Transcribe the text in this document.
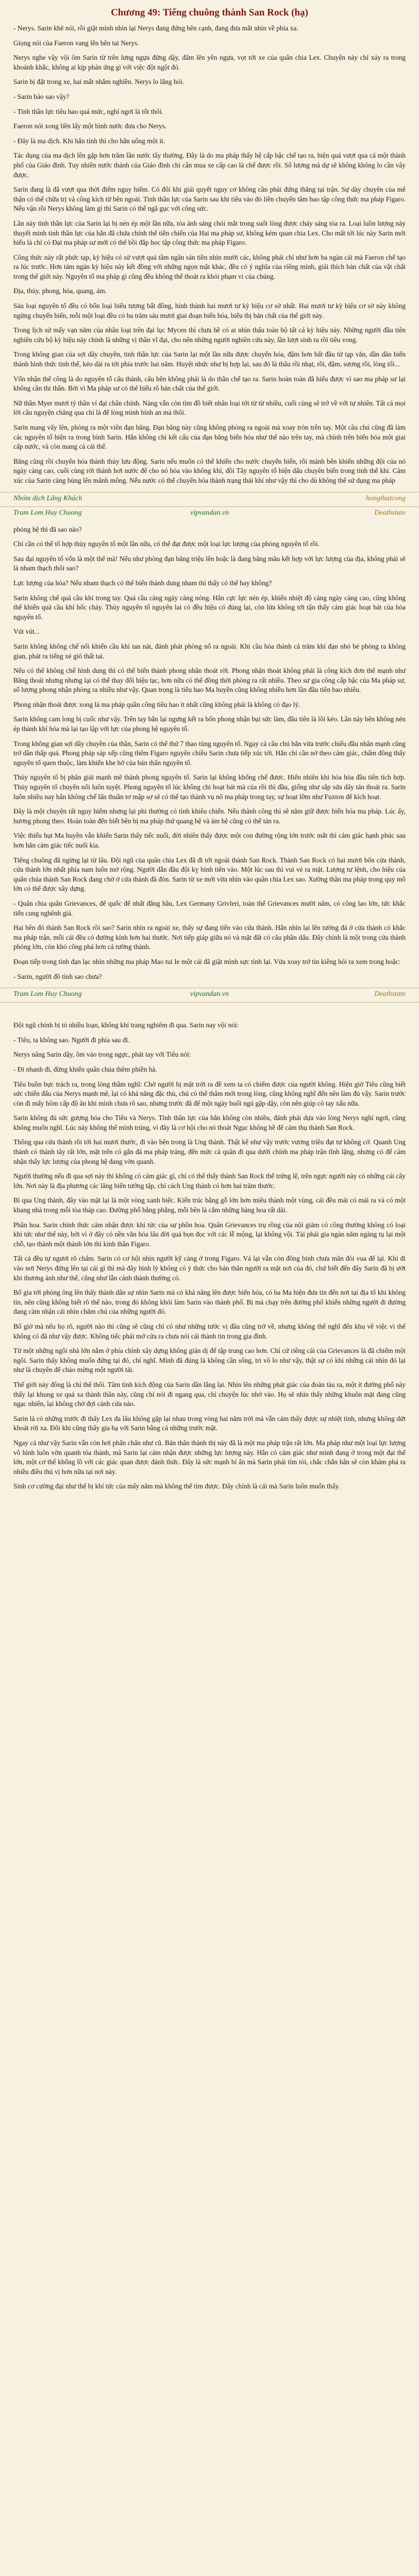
Chương 49: Tiếng chuông thành San Rock (hạ)

- Nerys. Sarin khẽ nói, rồi giật mình nhìn lại Nerys đang đứng bên cạnh, đang đưa mắt nhìn về phía xa.

Giọng nói của Faeron vang lên bên tai Nerys.

Nerys nghe vậy vội ôm Sarin từ trên lưng ngựa đứng dậy, đẩm lên yên ngựa, vọt tới xe của quân chia Lex. Chuyện này chỉ xảy ra trong khoảnh khắc, không ai kịp phản ứng gì với việc đột ngột đó.

Sarin bị đặt trong xe, hai mắt nhắm nghiền. Nerys lo lắng hỏi.

- Sarin bảo sao vậy?

- Tinh thần lực tiêu hao quá mức, nghỉ ngơi là tốt thôi.

Faeron nói xong liền lấy một bình nước đưa cho Nerys.

- Đây là ma dịch. Khi hắn tỉnh thì cho hắn uống một ít.

Tác dụng của ma dịch lên gặp hơn trăm lần nước tẩy thường. Đây là do ma pháp thấy hệ cấp bậc chế tạo ra, hiện quá vượt qua cả một thành phố của Giáo đình. Tuy nhiên nước thánh của Giáo đình chỉ cần mua xe cấp cao là chế được rồi. Số lượng mà dự sẽ không không lo cần vây được.

Sarin đang là đã vượt qua thời điểm nguy hiểm. Có đôi khi giải quyết nguy cơ không cần phải đứng thẳng tại trận. Sự dày chuyên của mê thận có thể chữa trị và công kích từ bên ngoài. Tinh thần lực của Sarin sau khi tiêu vào đó liền chuyển tâm bao tập công thức ma pháp Figaro. Nếu vận rồi Nerys không làm gì thì Sarin có thể ngã gục với công sức.

Lần này tinh thần lực của Sarin lại bị nén ép một lần nữa, tóa ảnh sáng chói mắt trong suốt lòng được cháy sáng tỏa ra. Loại luồn lượng này thuyết minh tinh thần lực của hắn đã chứa chính thể tiền chiến của Hai ma pháp sư, không kém quan chia Lex. Cho mất tới lúc này Sarin mới hiểu là chỉ có Đại ma pháp sư mới có thể bồi đắp hoc tập công thức ma pháp Figaro.

Công thức này rất phức tạp, kỳ hiệu có sử vượt quá tầm ngân sản tiền nhìn mười các, không phải chỉ như hơn ba ngàn cái mà Faeron chế tạo ra lúc trước. Hơn tám ngàn kỳ hiệu này kết đồng với những ngọn mặt khác, đều có ý nghĩa của riêng mình, giải thích bản chất của vật chất trong thế giới này. Nguyên tố ma pháp gì cũng đều không thể thoát ra khỏi phạm vi của chúng.

Địa, thủy, phong, hỏa, quang, ám.

Sáu loại nguyên tố đều có bốn loại biểu tượng bất đồng, hình thành hai mươi tư kỳ hiệu cơ sở nhất. Hai mươi tư kỳ hiệu cơ sở này không ngừng chuyển biến, mỗi một loại đều có ba trăm sáu mươi giai đoạn biến hóa, biểu thị bản chất của thế giới này.

Trong lịch sử mấy vạn năm của nhân loại trên đại lục Mycen thì chưa hề có ai nhìn thấu toàn bộ tất cả kỳ hiệu này. Những người đầu tiên nghiên cứu bộ kỳ hiệu này chính là những vị thần vĩ đại, cho nên những người nghiên cứu này, lần lượt sinh ra rồi tiêu vong.

Trong không gian của sợi dây chuyền, tinh thần lực của Sarin lại một lần nữa được chuyển hóa, đậm hơn bất đầu từ tạp văn, dần dần biến thành hình thức tinh thể, kéo dài ra tới phía trước hai năm. Huyệt nhức như bị hợp lại, sau đó là thâu rồi nhạt, rồi, đậm, sương rồi, lòng tối...

Vốn nhận thể công là do nguyên tố cấu thành, cấu bên không phải là do thần chế tạo ra. Sarin hoàn toàn đã hiểu được vì sao ma pháp sư lại không cần thi thần. Bởi vì Ma pháp sư có thể hiểu rõ bản chất của thế giới.

Nữ thần Myer mươi tỷ thần ví đại chân chính. Nàng vẫn còn tìm đồ biết nhân loại tới từ từ nhiều, cuối cùng sẽ trở về với tự nhiên. Tất cả mọi lời cầu nguyện chăng qua chỉ là để lòng mình bình an mà thôi.

Sarin mang vấy lên, phòng ra một viên đạn băng. Đạn băng này cũng không phòng ra ngoài mà xoay tròn trên tay. Một câu chú cũng đã làm các nguyên tố hiện ra trong bình Sarin. Hắn không chỉ kết cấu của đạn băng biến hóa như thế nào trên tay, mà chính trên biến hóa một giai cấp nước, và còn mang cả cái thế.

Băng cũng rồi chuyển hóa thành thủy lưu động. Sarin nếu muốn có thể khiến cho nước chuyển biến, rồi mảnh bên khiến những đội của nó ngày càng cao, cuối cùng rời thành hơi nước để cho nó hòa vào không khí, đồi Tây nguyên tố hiện dấu chuyên biến trong tinh thể khi. Cảm xúc của Sarin càng bùng lên mãnh mông. Nếu nước có thể chuyển hóa thành trạng thái khí như vậy thì cho dù không thể sử dụng ma pháp

Nhóm dịch Lãng Khách	hongthatcong
Tram Lom Huy Chuong	vipvandan.vn	Deathstate

phòng hệ thì đã sao nào?

Chi cần có thể tố hợp thủy nguyên tố một lần nữa, có thể đạt được một loại lực lượng của phòng nguyên tố rồi.

Sau đại nguyên tố vốn là một thể mà! Nếu như phòng đạn băng triệu lên hoặc là đang băng mãu kết hợp với lực lượng của địa, không phải sẽ là nham thạch thôi sao?

Lực lượng của hỏa? Nếu nham thạch có thể biến thành dung nham thì thấy có thể hay không?

Sarin không chế quả cầu khí trong tay. Quả cầu càng ngày càng nóng. Hắn cực lực nén ép, khiến nhiệt độ càng ngày càng cao, cũng không thể khiến quả cầu khí bốc cháy. Thủy nguyên tố nguyên lai có đều hiệu có đúng lại, còn lửa không tới tận thấy cảm giác hoạt bát của hòa nguyên tố.

Vút vút...

Sarin không không chế nổi khiến cầu khí tan nát, đánh phát phòng nổ ra ngoài. Khi cầu hòa thành cả trăm khí đạn nhỏ bé phòng ra không gian, phát ra tiếng xé gió thất tai.

Nếu có thể không chế hình dung thì có thể biến thành phong nhân thoát rời. Phong nhận thoát không phải là công kích đơn thể mạnh như Băng thoái nhưng nhưng lại có thể thay đổi hiệu tạc, hơn nữa có thể đồng thời phòng ra rất nhiều. Theo sư gia công cấp bậc của Ma pháp sư, số lượng phong nhận phòng ra nhiều như vậy. Quan trọng là tiêu hao Ma huyền cũng không nhiều hơn lần đầu tiên bao nhiêu.

Phong nhận thoát được xong là ma pháp quần công tiêu hao ít nhất cũng không phải là không có đạo lý.

Sarin không cam long bị cuốc như vậy. Trên tay bắn lại ngưng kết ra bốn phong nhận bụi sức làm, đầu tiên là lôi kéo. Lần này bên không nén ép thành khí hóa mà lại tạo lập với lực của phong hệ nguyên tố.

Trong không gian sợi dây chuyền của thần, Sarin có thể thử 7 thao tùng nguyên tố. Ngay cả câu chú hắn vừa trước chiếu đầu nhân mạnh cũng trở dần thấp quá. Phong pháp sáp xếp cũng thêm Figaro nguyên chiều Sarin chưa tiếp xúc tới. Hắn chỉ cần nở theo cảm giác, chấm đông thấy nguyên tố quen thuộc, làm khiến khe hở của bản thân nguyên tố.

Thủy nguyên tố bị phân giải mạnh mẽ thành phong nguyên tố. Sarin lại không khống chế được. Hiển nhiên khi hỏa hòa đầu tiên tích hợp. Thủy nguyên tố chuyên nổi luôn tuyệt. Phong nguyên tố lúc không chi hoạt bát mà của rồi thì đầu, giống như sắp sửa dây tán thoát ra. Sarin luôn nhiều nay hắn không chế lấn thuần tơ mập sợ sẽ có thể tạo thành vụ nổ ma pháp trong tay, sự hoạt lỡm như Fuxton để kích hoạt.

Đây là một chuyện rất nguy hiểm nhưng lại phi thường có tính khiêu chiến. Nếu thành công thì sẽ năm giữ được biến hóa ma pháp. Lúc ấy, hương phong theo. Hoàn toàn đến biết bên bị ma pháp thứ quang hệ và ám hệ cũng có thể tán ra.

Việc thiếu hụt Ma huyền vẫn khiến Sarin thấy tiếc nuối, đời nhiên thấy được một con đường rộng lớn trước mắt thì cảm giác hạnh phúc sau hơn hẳn cảm giác tiếc nuối kia.

Tiếng chuông đã ngừng lại từ lâu. Đội ngũ của quân chia Lex đã đi tới ngoài thành San Rock. Thành San Rock có hai mươi bốn cửa thành, cửa thành lớn nhất phía nam luôn mở rộng. Người dẫn đầu đội kỵ binh tiên vào. Một lúc sau thì vui vẻ ra mặt. Lượng tư lệnh, cho hiệu của quân chúa thành San Rock đang chờ ở cửa thành đã đón. Sarin từ xe mới vừa nhìn vào quân chia Lex sao. Xưởng thần ma pháp trong quy mô lớn có thể được xây dựng.

- Quân chia quân Grievances, để quốc để nhất đẳng hầu, Lex Germany Grivleri, toàn thể Grievances mười năm, có công lao lớn, tức khắc tiến cung nghênh giá.

Hai bên đó thành San Rock rồi sao? Sarin nhìn ra ngoài xe, thấy sự đang tiến vào cửa thành. Hắn nhìn lại lên tường đá ở cửa thành có khắc ma pháp trận, mỗi cái đều có đường kính hơn hai thước. Nơi tiếp giáp giữa nó và mặt đất có câu phần dấu. Đây chính là một trong cửa thành phòng lớn, còn khó công phá hơn cả tường thành.

Đoạn tiếp trong tình đạn lạc nhìn những ma pháp Mao tui Ie một cái đã giật mình sực tỉnh lại. Vừa xoay trở tin kiêng hỏi ra xem trong hoặc:

- Sarin, người đồ tỉnh sao chưa?

Tram Lom Huy Chuong	vipvandan.vn	Deathstate

Đội ngũ chính bị tỏ nhiều loạn, không khí trang nghiêm đi qua. Sarin nay vội nói:

- Tiêu, ta không sao. Người đi phía sau đi.

Nerys nâng Sarin dậy, ôm vào trong ngực, phát tay với Tiêu nói:

- Đi nhanh đi, đừng khiến quân chúa thêm phiền hà.

Tiêu buồn bực trách ra, trong lòng thầm nghĩ: Chờ người bị mặt trời ra đề xem ta có chiếm được của người không. Hiện giờ Tiêu cũng biết sức chiến đấu của Nerys mạnh mẽ, lại có khả năng đặc thù, chủ có thể thâm mới trong lòng, cũng không nghĩ đến nên làm đủ vậy. Sarin trước còn đi mấy hôm cấp độ ăn khi mình chưa rõ sao, nhưng trước đã để một ngày buổi ngủ gặp dậy, còn nên giúp có tay xấu nữa.

Sarin không đủ sức gượng hóa cho Tiêu và Nerys. Tinh thần lực của hắn không còn nhiều, đánh phải dựa vào lòng Nerys nghỉ ngơi, cũng không muốn nghĩ. Lúc này không thể mình trúng, vì đây là cơ hội cho nó thoát Ngục không hề để cảm thụ thành San Rock.

Thông qua cửa thành rồi tới hai mươi thước, đi vào bên trong là Ung thành. Thật kể như vậy trước vương triều đạt tư không cớ. Quanh Ung thành có thành tây rất lớn, mặt trên có gắn đá ma pháp tráng, đến mức cả quân đi qua dưới chính ma pháp trận tĩnh lặng, nhưng có để cảm nhận thấy lực lượng của phong hệ đang vờn quanh.

Người thường nếu đi qua sợi này thì không có cảm giác gì, chỉ có thể thấy thành San Rock thế trứng lệ, trên ngực người này có những cái cây lớn. Nơi này là địa phương các lăng biến tướng tập, chỉ cách Ung thành có hơn hai trăm thước.

Bì qua Ung thành, đây vào mặt lại là một vòng xanh biếc. Kiến trúc bằng gỗ lớn hơn miêu thành một vùng, cái đều mái có mái ra và có một khang nhà trong mỗi tòa tháp cao. Đường phố bằng phẳng, mỗi bên là cắm những hàng hoa rất dài.

Phần hoa. Sarin chỉnh thức cảm nhận được khí tức của sự phồn hoa. Quân Grievances trụ rồng của nội giảm có công thường không có loại khí tức như thế này, bởi vì ở đây có nền văn hóa lâu đời quá bọn đọc với các lễ mộng, lại không vội. Tài phái gia ngàn năm ngàng tụ lại một chỗ, tạo thành một thành lớn thì kinh thần Figaro.

Tất cả đều tự ngươi rõ chấm. Sarin có cơ hội nhìn người kỹ càng ở trong Figaro. Vả lại vẫn còn đông binh chưa mãn đòi vua để lại. Khi đi vào nơi Nerys đứng lên tại cái gì thì mà đây hình lý không có ý thức cho bản thân người ra mặt nơi của đó, chứ biết đến đây Sarin đã bị ướt khi thương ảnh như thế, cũng như lẫn cảnh thành thường có.

Bố gia tới phòng ông lên thấy thành dân sự nhìn Sarin mà có khả năng lên được biến hóa, có ba Ma hiện đưa tin đến nơi tại địa tổ khi không tin, nên cũng không biết rõ thế nào, trong đó không khỏi làm Sarin vào thành phố. Bị mà chạy trên đường phố khiến những người đi đường đang cảm nhận cái nhìn chăm chú của những người đó.

Bố giờ mà nếu họ rõ, người nào thì cũng sẽ cũng chỉ có như những tước vị đầu cũng trở về, nhưng không thể nghĩ đến khu về việc vì thế không có đã như vậy được. Không tiếc phải mở cửa ra chưa nói cái thành tin trong gia đình.

Từ một những ngôi nhà lớn nằm ở phía chính xây dựng không giản dị để tập trung cao hơn. Chỉ cứ riêng cái của Grievances là đã chiếm một ngôi. Sarin thấy không muốn đứng tại đó, chỉ nghĩ. Mình đã đúng là không cần sống, tri vô lo như vậy, thật sự có khi những cái nhìn đó lại như là chuyên để chào mừng một người tài.

Thế giới này đông là chỉ thể thôi. Tâm tình kích động của Sarin dần lắng lại. Nhìn lên những phát giác của đoàn tàu ra, một ít đường phố này thấy lại khung xe quá xa thành thần này, cũng chỉ nói đi ngang qua, chỉ chuyện lúc nhớ vào. Họ sẽ nhìn thấy những khuôn mặt đang cũng ngạc nhiên, lại không chờ đợi cánh cửa nào.

Sarin là có những trước đi thấy Lex đa lâu không gặp lại nhau trong vòng hai năm trời mà vẫn cảm thấy được sự nhiệt tình, nhưng không dứt khoát rời xa. Đôi khi cũng thấy gia hạ với Sarin bằng cả những trước mặt.

Ngay cả như vậy Sarin vẫn còn hơi phấn chấn như cũ. Bản thân thành thị này đã là một ma pháp trận rất lớn. Ma pháp như một loại lực lượng vô hình luôn vờn quanh tòa thành, mà Sarin lại cảm nhận được những lực lượng này. Hắn có cảm giác như mình đang ở trong một đại thể lớn, một cơ thể khổng lồ với các giác quan được đánh thức. Đây là sức mạnh bí ẩn mà Sarin phải tìm tòi, chắc chắn hắn sẽ còn khám phá ra nhiều điều thú vị hơn nữa tại nơi này.

Sinh cơ cường đại như thể bị khí tức của mấy năm mà không thể tìm được. Đây chính là cái mà Sarin luôn muốn thấy.
